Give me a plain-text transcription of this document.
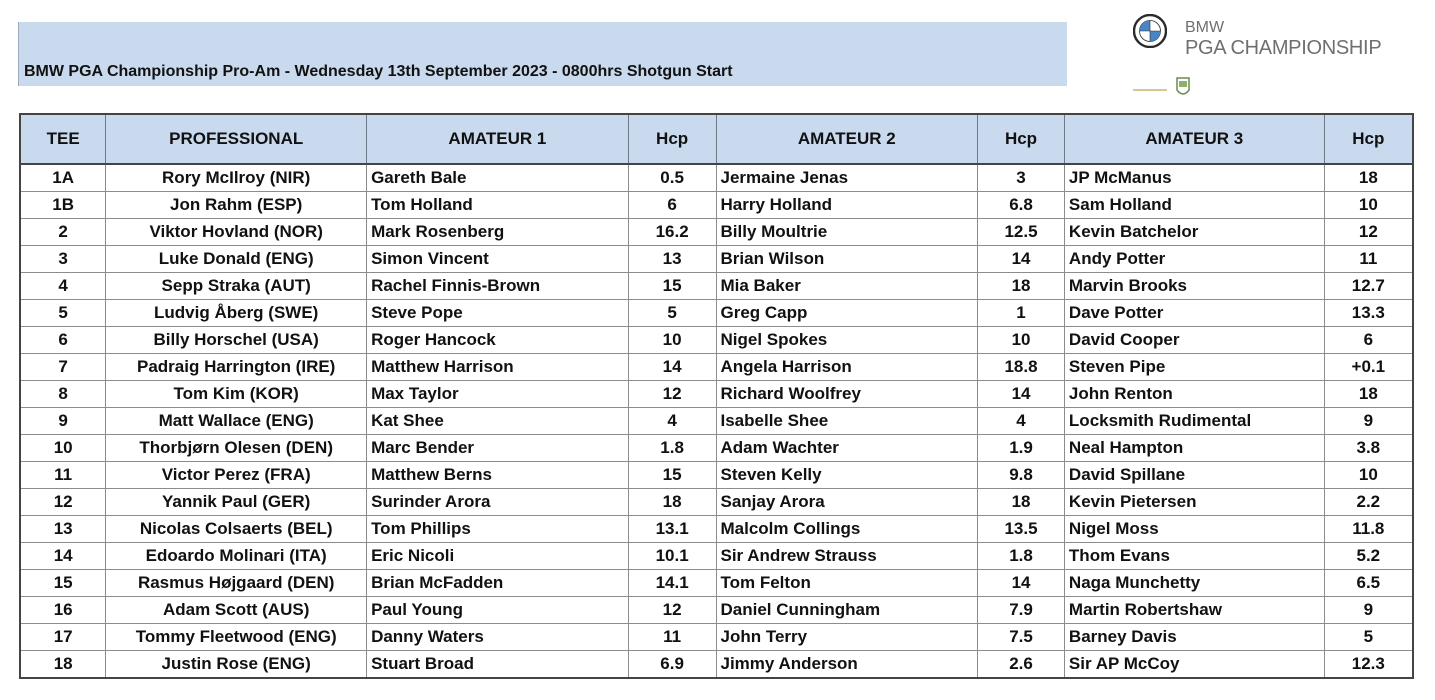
BMW PGA Championship Pro-Am - Wednesday 13th September 2023 - 0800hrs Shotgun Start
BMW
PGA CHAMPIONSHIP
TEE	PROFESSIONAL	AMATEUR 1	Hcp	AMATEUR 2	Hcp	AMATEUR 3	Hcp
1A	Rory McIlroy (NIR)	Gareth Bale	0.5	Jermaine Jenas	3	JP McManus	18
1B	Jon Rahm (ESP)	Tom Holland	6	Harry Holland	6.8	Sam Holland	10
2	Viktor Hovland (NOR)	Mark Rosenberg	16.2	Billy Moultrie	12.5	Kevin Batchelor	12
3	Luke Donald (ENG)	Simon Vincent	13	Brian Wilson	14	Andy Potter	11
4	Sepp Straka (AUT)	Rachel Finnis-Brown	15	Mia Baker	18	Marvin Brooks	12.7
5	Ludvig Åberg (SWE)	Steve Pope	5	Greg Capp	1	Dave Potter	13.3
6	Billy Horschel (USA)	Roger Hancock	10	Nigel Spokes	10	David Cooper	6
7	Padraig Harrington (IRE)	Matthew Harrison	14	Angela Harrison	18.8	Steven Pipe	+0.1
8	Tom Kim (KOR)	Max Taylor	12	Richard Woolfrey	14	John Renton	18
9	Matt Wallace (ENG)	Kat Shee	4	Isabelle Shee	4	Locksmith Rudimental	9
10	Thorbjørn Olesen (DEN)	Marc Bender	1.8	Adam Wachter	1.9	Neal Hampton	3.8
11	Victor Perez (FRA)	Matthew Berns	15	Steven Kelly	9.8	David Spillane	10
12	Yannik Paul (GER)	Surinder Arora	18	Sanjay Arora	18	Kevin Pietersen	2.2
13	Nicolas Colsaerts (BEL)	Tom Phillips	13.1	Malcolm Collings	13.5	Nigel Moss	11.8
14	Edoardo Molinari (ITA)	Eric Nicoli	10.1	Sir Andrew Strauss	1.8	Thom Evans	5.2
15	Rasmus Højgaard (DEN)	Brian McFadden	14.1	Tom Felton	14	Naga Munchetty	6.5
16	Adam Scott (AUS)	Paul Young	12	Daniel Cunningham	7.9	Martin Robertshaw	9
17	Tommy Fleetwood (ENG)	Danny Waters	11	John Terry	7.5	Barney Davis	5
18	Justin Rose (ENG)	Stuart Broad	6.9	Jimmy Anderson	2.6	Sir AP McCoy	12.3
